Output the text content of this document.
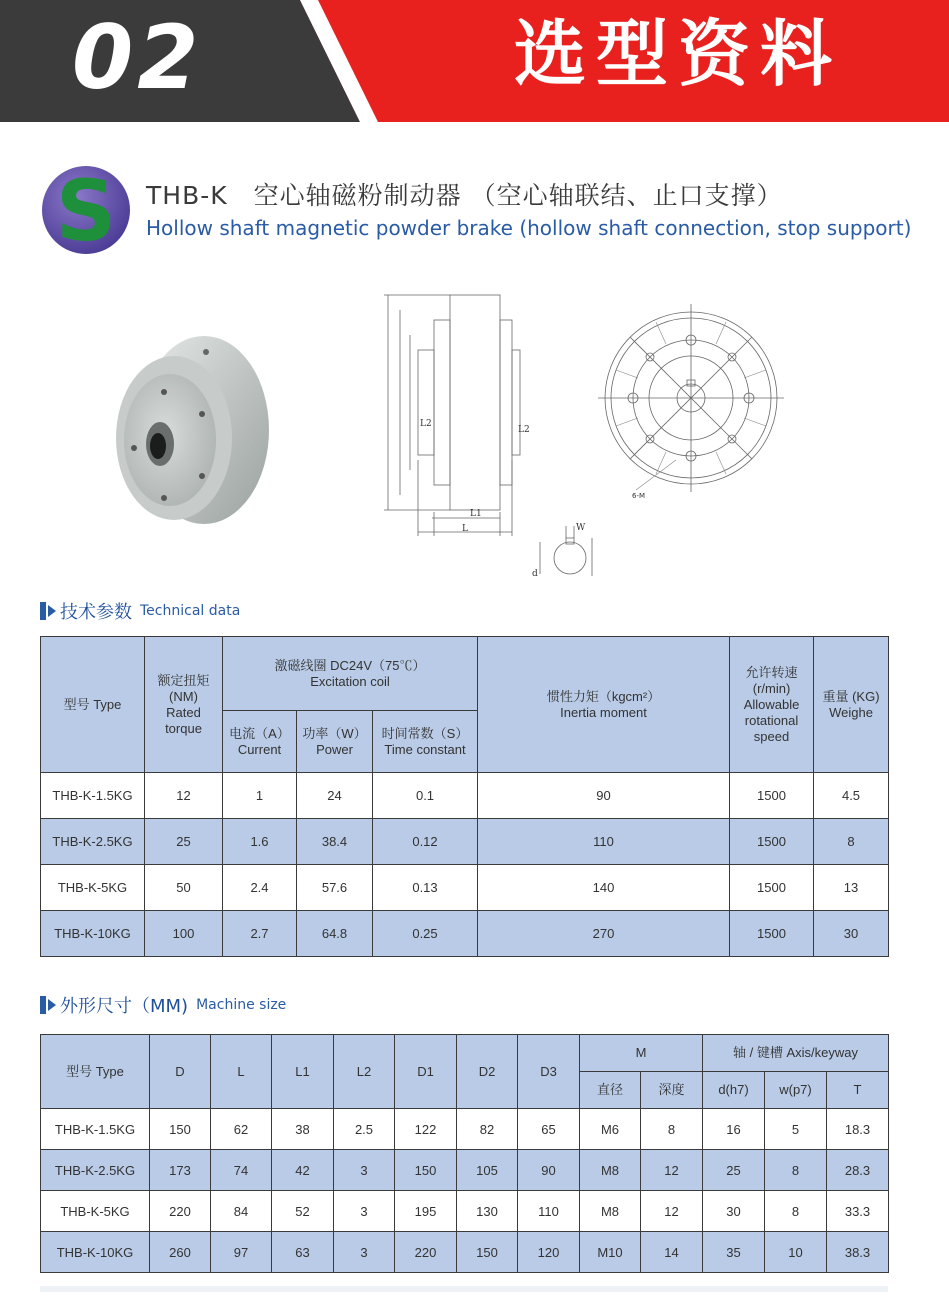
02	选型资料
S THB-K　空心轴磁粉制动器 （空心轴联结、止口支撑）
Hollow shaft magnetic powder brake (hollow shaft connection, stop support)
L1
L
L2
L2
6-M
W
d
技术参数 Technical data
型号 Type	额定扭矩
(NM)
Rated
torque	激磁线圈 DC24V（75℃）
Excitation coil			惯性力矩（kgcm²）
Inertia moment	允许转速
(r/min)
Allowable
rotational
speed	重量 (KG)
Weighe
		电流（A）
Current	功率（W）
Power	时间常数（S）
Time constant			
THB-K-1.5KG	12	1	24	0.1	90	1500	4.5
THB-K-2.5KG	25	1.6	38.4	0.12	110	1500	8
THB-K-5KG	50	2.4	57.6	0.13	140	1500	13
THB-K-10KG	100	2.7	64.8	0.25	270	1500	30
外形尺寸（MM) Machine size
型号 Type	D	L	L1	L2	D1	D2	D3	M		轴 / 键槽 Axis/keyway		
								直径	深度	d(h7)	w(p7)	T
THB-K-1.5KG	150	62	38	2.5	122	82	65	M6	8	16	5	18.3
THB-K-2.5KG	173	74	42	3	150	105	90	M8	12	25	8	28.3
THB-K-5KG	220	84	52	3	195	130	110	M8	12	30	8	33.3
THB-K-10KG	260	97	63	3	220	150	120	M10	14	35	10	38.3
